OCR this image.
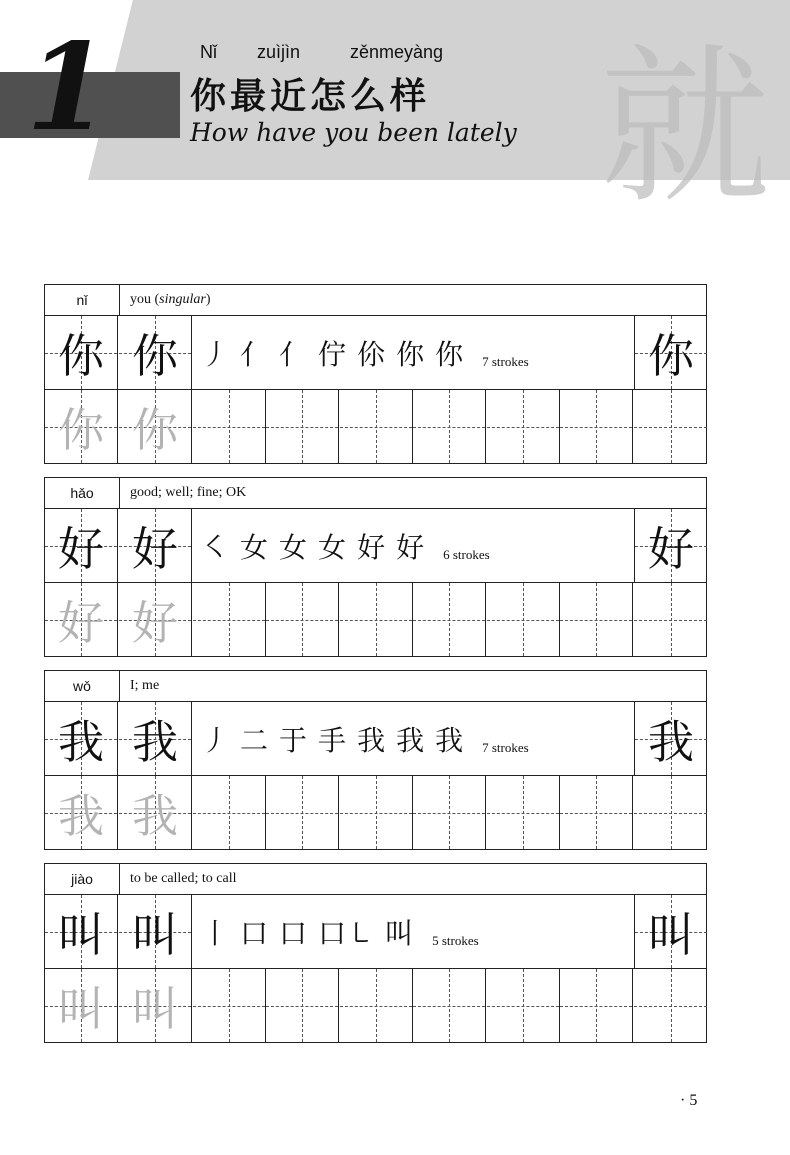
就
1	Nǐ zuìjìn	zěnmeyàng
你最近怎么样
How have you been lately
nǐ	you ( singular )
你 你 丿 亻 亻 佇 伱 你 你 7 strokes	你
你 你
hǎo	good; well; fine; OK
好 好 ㇛ 女 女 女 好 好 6 strokes	好
好 好
wǒ	I; me
我 我 丿 二 于 手 我 我 我 7 strokes	我
我 我
jiào	to be called; to call
叫 叫 丨 口 口 口㇄ 叫 5 strokes	叫
叫 叫
· 5
